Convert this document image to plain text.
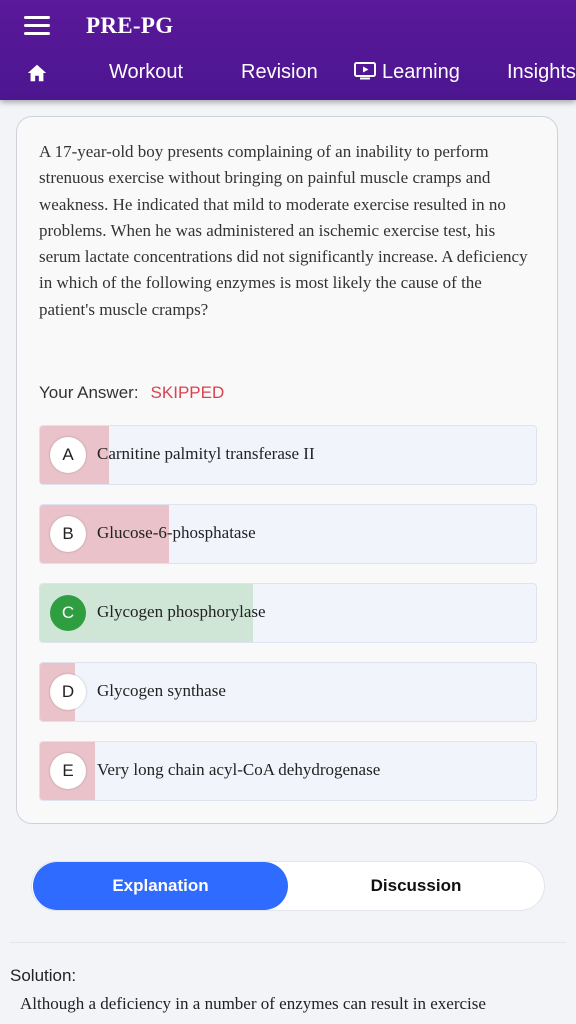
PRE-PG
Workout	Revision	Learning Insights
A 17-year-old boy presents complaining of an inability to perform strenuous exercise without bringing on painful muscle cramps and weakness. He indicated that mild to moderate exercise resulted in no problems. When he was administered an ischemic exercise test, his serum lactate concentrations did not significantly increase. A deficiency in which of the following enzymes is most likely the cause of the patient's muscle cramps?
Your Answer: SKIPPED
A	Carnitine palmityl transferase II
B	Glucose-6-phosphatase
C	Glycogen phosphorylase
D	Glycogen synthase
E	Very long chain acyl-CoA dehydrogenase
Explanation	Discussion
Solution:
Although a deficiency in a number of enzymes can result in exercise
